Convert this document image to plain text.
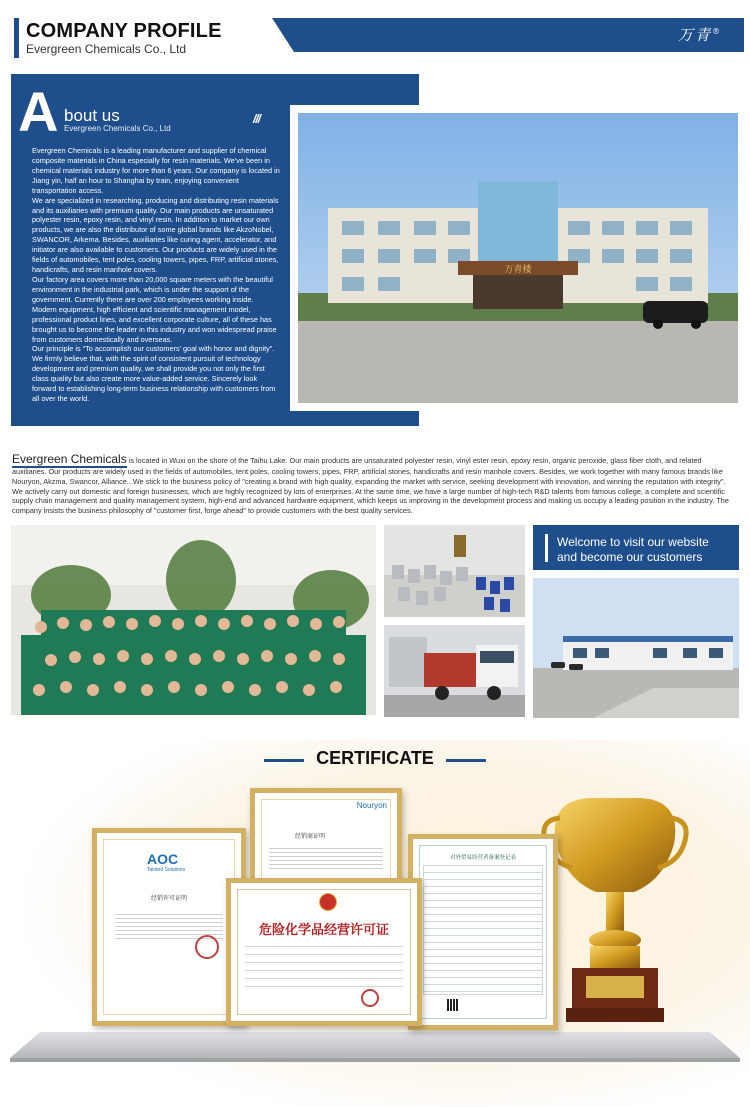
COMPANY PROFILE
Evergreen Chemicals Co., Ltd
万青®
A bout us
Evergreen Chemicals Co., Ltd
///

Evergreen Chemicals is a leading manufacturer and supplier of chemical composite materials in China especially for resin materials. We’ve been in chemical materials industry for more than 6 years. Our company is located in Jiang yin, half an hour to Shanghai by train, enjoying convenient transportation access.

We are specialized in researching, producing and distributing resin materials and its auxiliaries with premium quality. Our main products are unsaturated polyester resin, epoxy resin, and vinyl resin. In addition to market our own products, we are also the distributor of some global brands like AkzoNobel, SWANCOR, Arkema. Besides, auxiliaries like curing agent, accelerator, and initiator are also available to customers. Our products are widely used in the fields of automobiles, tent poles, cooling towers, pipes, FRP, artificial stones, handicrafts, and resin manhole covers.

Our factory area covers more than 20,000 square meters with the beautiful environment in the industrial park, which is under the support of the government. Currently there are over 200 employees working inside. Modern equipment, high efficient and scientific management model, professional product lines, and excellent corporate culture, all of these has brought us to become the leader in this industry and won widespread praise from customers domestically and overseas.

Our principle is “To accomplish our customers’ goal with honor and dignity”. We firmly believe that, with the spirit of consistent pursuit of technology development and premium quality, we shall provide you not only the first class quality but also create more value-added service. Sincerely look forward to establishing long-term business relationship with customers from all over the world.

万青楼
Evergreen Chemicals is located in Wuxi on the shore of the Taihu Lake. Our main products are unsaturated polyester resin, vinyl ester resin, epoxy resin, organic peroxide, glass fiber cloth, and related auxiliaries. Our products are widely used in the fields of automobiles, tent poles, cooling towers, pipes, FRP, artificial stones, handicrafts and resin manhole covers. Besides, we work together with many famous brands like Nouryon, Akzma, Swancor, Alliance...We stick to the business policy of "creating a brand with high quality, expanding the market with service, seeking development with innovation, and winning the reputation with integrity". We actively carry out domestic and foreign businesses, which are highly recognized by lots of enterprises. At the same time, we have a large number of high-tech R&D talents from famous college, a complete and scientific supply chain management and quality management system, high-end and advanced hardware equipment, which keeps us improving in the development process and making us occupy a leading position in the industry. The company insists the business philosophy of "customer first, forge ahead" to provide customers with the best quality services.
Welcome to visit our website
and become our customers
CERTIFICATE
AOC
Tainted Solutions
经销许可证明
Nouryon
经销商证明
对外贸易经营者备案登记表
危险化学品经营许可证
